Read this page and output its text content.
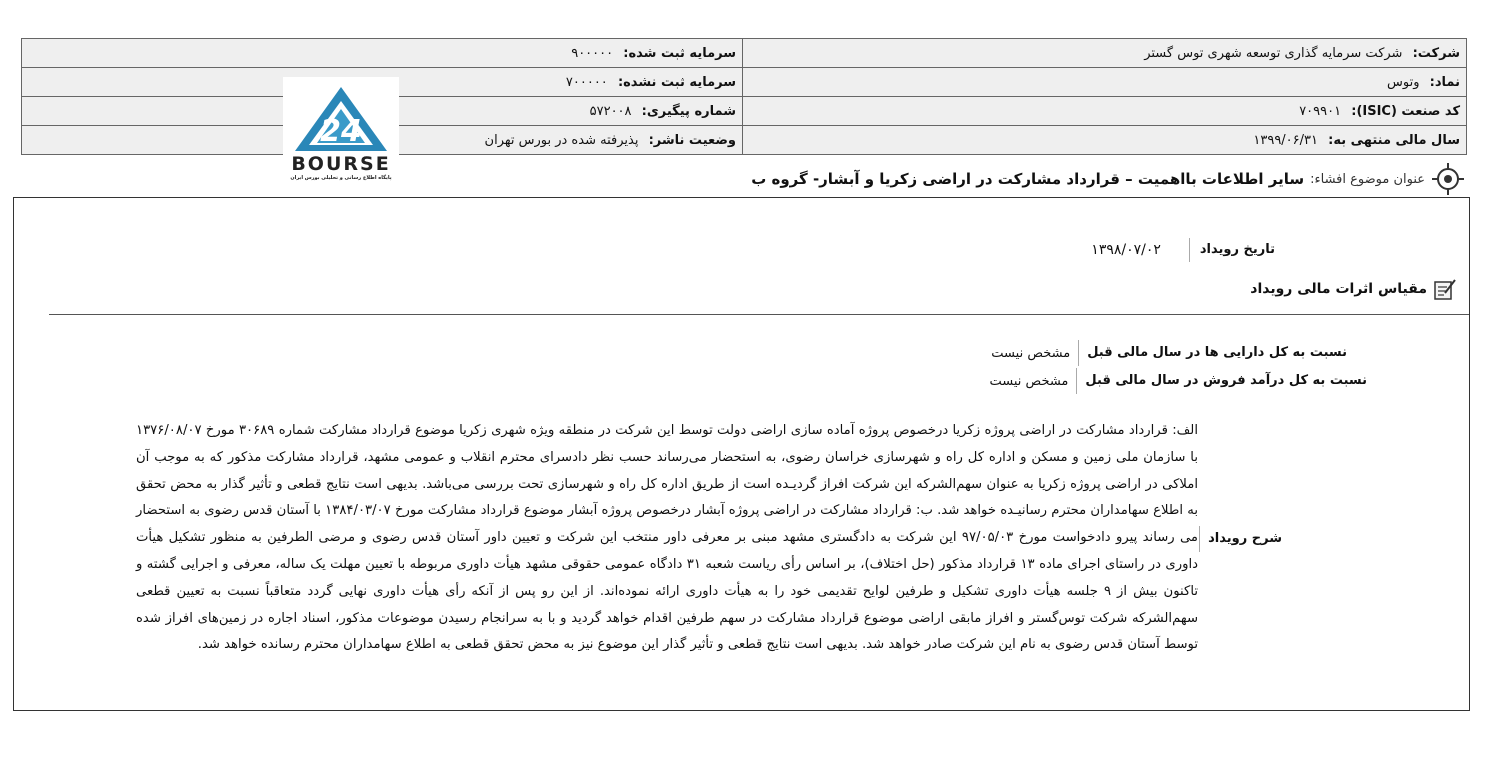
شرکت: شرکت سرمایه گذاری توسعه شهری توس گستر	سرمایه ثبت شده: ۹۰۰۰۰۰
نماد: وتوس	سرمایه ثبت نشده: ۷۰۰۰۰۰
کد صنعت (ISIC): ۷۰۹۹۰۱	شماره پیگیری: ۵۷۲۰۰۸
سال مالی منتهی به: ۱۳۹۹/۰۶/۳۱	وضعیت ناشر: پذیرفته شده در بورس تهران
24
BOURSE
پایگاه اطلاع رسانی و تحلیلی بورس ایران	عنوان موضوع افشاء:
سایر اطلاعات بااهمیت – قرارداد مشارکت در اراضی زکریا و آبشار- گروه ب
تاریخ رویداد
۱۳۹۸/۰۷/۰۲
مقیاس اثرات مالی رویداد
نسبت به کل دارایی ها در سال مالی قبل
مشخص نیست
نسبت به کل درآمد فروش در سال مالی قبل
مشخص نیست
شرح رویداد
الف: قرارداد مشارکت در اراضی پروژه زکریا درخصوص پروژه آماده سازی اراضی دولت توسط این شرکت در منطقه ویژه شهری زکریا موضوع قرارداد مشارکت شماره ۳۰۶۸۹ مورخ ۱۳۷۶/۰۸/۰۷ با سازمان ملی زمین و مسکن و اداره کل راه و شهرسازی خراسان رضوی، به استحضار می‌رساند حسب نظر دادسرای محترم انقلاب و عمومی مشهد، قرارداد مشارکت مذکور که به موجب آن املاکی در اراضی پروژه زکریا به عنوان سهم‌الشرکه این شرکت افراز گردیـده است از طریق اداره کل راه و شهرسازی تحت بررسی می‌باشد. بدیهی است نتایج قطعی و تأثیر گذار به محض تحقق به اطلاع سهامداران محترم رسانیـده خواهد شد. ب: قرارداد مشارکت در اراضی پروژه آبشار درخصوص پروژه آبشار موضوع قرارداد مشارکت مورخ ۱۳۸۴/۰۳/۰۷ با آستان قدس رضوی به استحضار می رساند پیرو دادخواست مورخ ۹۷/۰۵/۰۳ این شرکت به دادگستری مشهد مبنی بر معرفی داور منتخب این شرکت و تعیین داور آستان قدس رضوی و مرضی الطرفین به منظور تشکیل هیأت داوری در راستای اجرای ماده ۱۳ قرارداد مذکور (حل اختلاف)، بر اساس رأی ریاست شعبه ۳۱ دادگاه عمومی حقوقی مشهد هیأت داوری مربوطه با تعیین مهلت یک ساله، معرفی و اجرایی گشته و تاکنون بیش از ۹ جلسه هیأت داوری تشکیل و طرفین لوایح تقدیمی خود را به هیأت داوری ارائه نموده‌اند. از این رو پس از آنکه رأی هیأت داوری نهایی گردد متعاقباً نسبت به تعیین قطعی سهم‌الشرکه شرکت توس‌گستر و افراز مابقی اراضی موضوع قرارداد مشارکت در سهم طرفین اقدام خواهد گردید و با به سرانجام رسیدن موضوعات مذکور، اسناد اجاره در زمین‌های افراز شده توسط آستان قدس رضوی به نام این شرکت صادر خواهد شد. بدیهی است نتایج قطعی و تأثیر گذار این موضوع نیز به محض تحقق قطعی به اطلاع سهامداران محترم رسانده خواهد شد.
